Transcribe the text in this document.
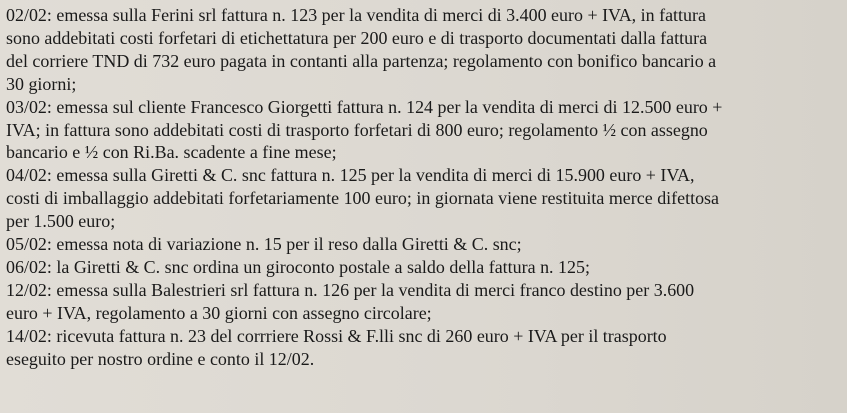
02/02: emessa sulla Ferini srl fattura n. 123 per la vendita di merci di 3.400 euro + IVA, in fattura

sono addebitati costi forfetari di etichettatura per 200 euro e di trasporto documentati dalla fattura

del corriere TND di 732 euro pagata in contanti alla partenza; regolamento con bonifico bancario a

30 giorni;

03/02: emessa sul cliente Francesco Giorgetti fattura n. 124 per la vendita di merci di 12.500 euro +

IVA; in fattura sono addebitati costi di trasporto forfetari di 800 euro; regolamento ½ con assegno

bancario e ½ con Ri.Ba. scadente a fine mese;

04/02: emessa sulla Giretti & C. snc fattura n. 125 per la vendita di merci di 15.900 euro + IVA,

costi di imballaggio addebitati forfetariamente 100 euro; in giornata viene restituita merce difettosa

per 1.500 euro;

05/02: emessa nota di variazione n. 15 per il reso dalla Giretti & C. snc;

06/02: la Giretti & C. snc ordina un giroconto postale a saldo della fattura n. 125;

12/02: emessa sulla Balestrieri srl fattura n. 126 per la vendita di merci franco destino per 3.600

euro + IVA, regolamento a 30 giorni con assegno circolare;

14/02: ricevuta fattura n. 23 del corrriere Rossi & F.lli snc di 260 euro + IVA per il trasporto

eseguito per nostro ordine e conto il 12/02.
